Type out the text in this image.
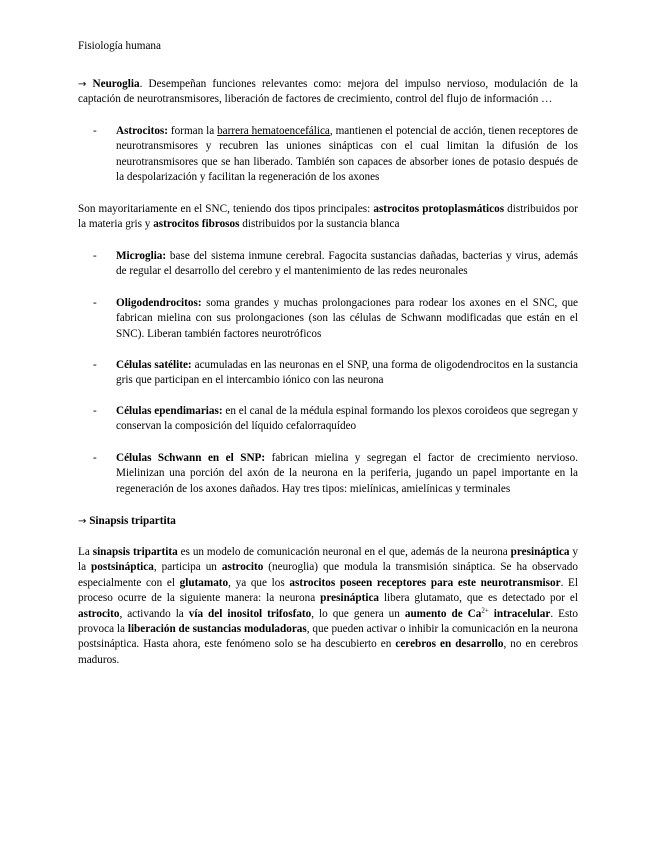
Fisiología humana
→ Neuroglia. Desempeñan funciones relevantes como: mejora del impulso nervioso, modulación de la captación de neurotransmisores, liberación de factores de crecimiento, control del flujo de información …
- Astrocitos: forman la barrera hematoencefálica, mantienen el potencial de acción, tienen receptores de neurotransmisores y recubren las uniones sinápticas con el cual limitan la difusión de los neurotransmisores que se han liberado. También son capaces de absorber iones de potasio después de la despolarización y facilitan la regeneración de los axones
Son mayoritariamente en el SNC, teniendo dos tipos principales: astrocitos protoplasmáticos distribuidos por la materia gris y astrocitos fibrosos distribuidos por la sustancia blanca
- Microglia: base del sistema inmune cerebral. Fagocita sustancias dañadas, bacterias y virus, además de regular el desarrollo del cerebro y el mantenimiento de las redes neuronales
- Oligodendrocitos: soma grandes y muchas prolongaciones para rodear los axones en el SNC, que fabrican mielina con sus prolongaciones (son las células de Schwann modificadas que están en el SNC). Liberan también factores neurotróficos
- Células satélite: acumuladas en las neuronas en el SNP, una forma de oligodendrocitos en la sustancia gris que participan en el intercambio iónico con las neurona
- Células ependimarias: en el canal de la médula espinal formando los plexos coroideos que segregan y conservan la composición del líquido cefalorraquídeo
- Células Schwann en el SNP: fabrican mielina y segregan el factor de crecimiento nervioso. Mielinizan una porción del axón de la neurona en la periferia, jugando un papel importante en la regeneración de los axones dañados. Hay tres tipos: mielínicas, amielínicas y terminales
→ Sinapsis tripartita
La sinapsis tripartita es un modelo de comunicación neuronal en el que, además de la neurona presináptica y la postsináptica, participa un astrocito (neuroglia) que modula la transmisión sináptica. Se ha observado especialmente con el glutamato, ya que los astrocitos poseen receptores para este neurotransmisor. El proceso ocurre de la siguiente manera: la neurona presináptica libera glutamato, que es detectado por el astrocito, activando la vía del inositol trifosfato, lo que genera un aumento de $Ca^{2+}$ intracelular. Esto provoca la liberación de sustancias moduladoras, que pueden activar o inhibir la comunicación en la neurona postsináptica. Hasta ahora, este fenómeno solo se ha descubierto en cerebros en desarrollo, no en cerebros maduros.
